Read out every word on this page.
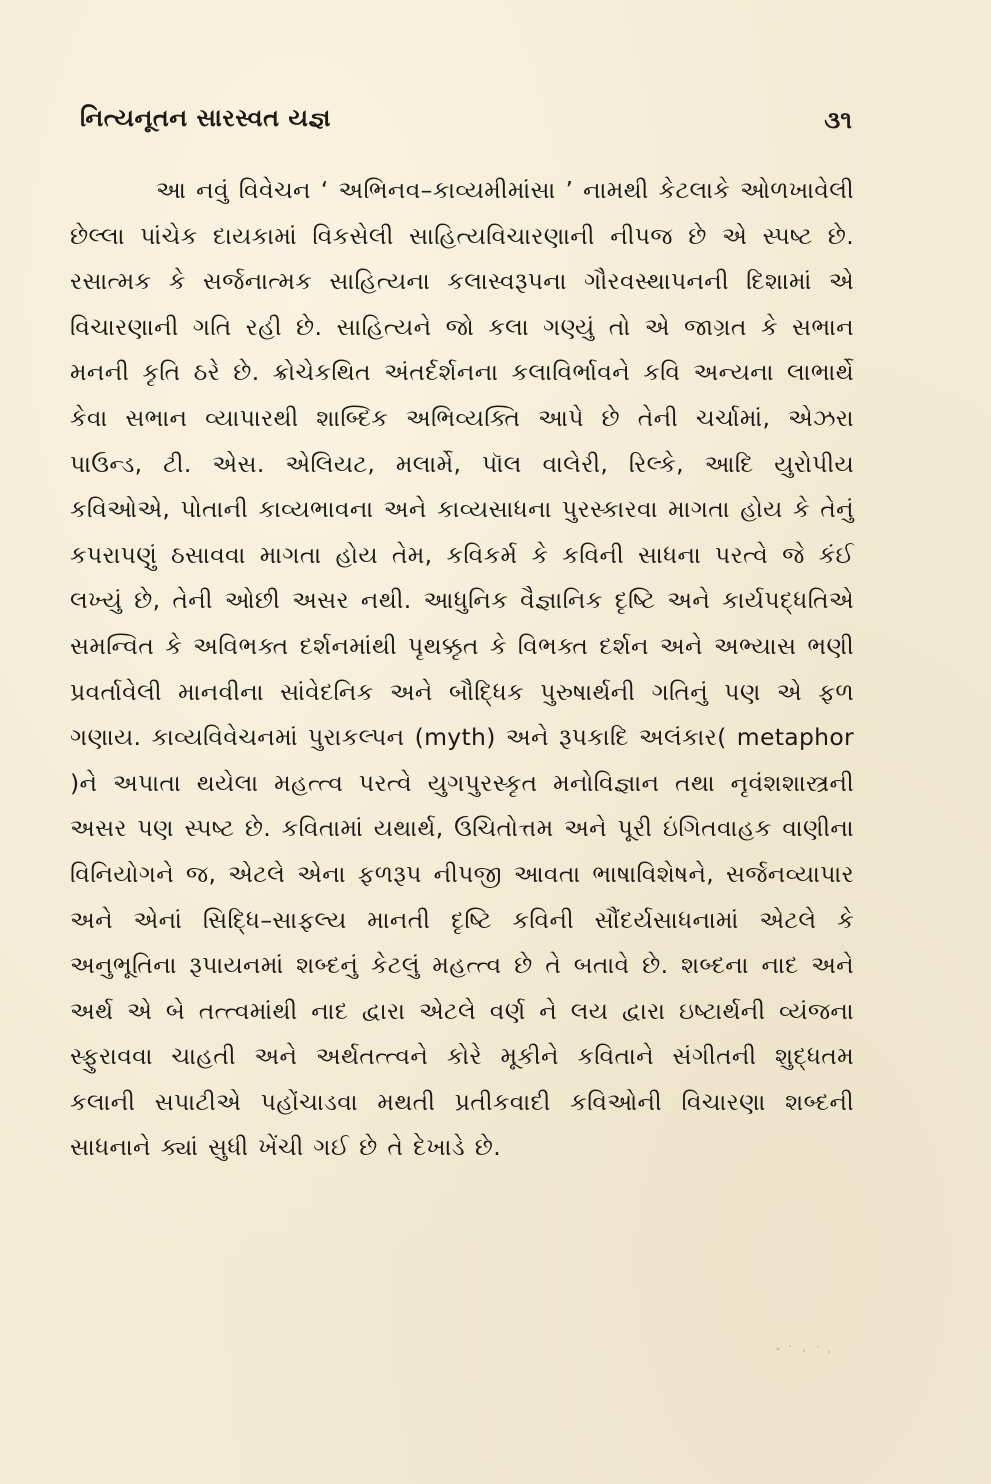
નિત્યનૂતન સારસ્વત યજ્ઞ	૩૧

આ નવું વિવેચન ‘ અભિનવ–કાવ્યમીમાંસા ’ નામથી કેટલાકે ઓળખાવેલી છેલ્લા પાંચેક દાયકામાં વિકસેલી સાહિત્યવિચારણાની નીપજ છે એ સ્પષ્ટ છે. રસાત્મક કે સર્જનાત્મક સાહિત્યના કલાસ્વરૂપના ગૌરવસ્થાપનની દિશામાં એ વિચારણાની ગતિ રહી છે. સાહિત્યને જો કલા ગણ્યું તો એ જાગ્રત કે સભાન મનની કૃતિ ઠરે છે. ક્રોચેકથિત અંતર્દર્શનના કલાવિર્ભાવને કવિ અન્યના લાભાર્થે કેવા સભાન વ્યાપારથી શાબ્દિક અભિવ્યક્તિ આપે છે તેની ચર્ચામાં, એઝરા પાઉન્ડ, ટી. એસ. એલિયટ, મલાર્મે, પૉલ વાલેરી, રિલ્કે, આદિ યુરોપીય કવિઓએ, પોતાની કાવ્યભાવના અને કાવ્યસાધના પુરસ્કારવા માગતા હોય કે તેનું કપરાપણું ઠસાવવા માગતા હોય તેમ, કવિકર્મ કે કવિની સાધના પરત્વે જે કંઈ લખ્યું છે, તેની ઓછી અસર નથી. આધુનિક વૈજ્ઞાનિક દૃષ્ટિ અને કાર્યપદ્ધતિએ સમન્વિત કે અવિભક્ત દર્શનમાંથી પૃથક્કૃત કે વિભક્ત દર્શન અને અભ્યાસ ભણી પ્રવર્તાવેલી માનવીના સાંવેદનિક અને બૌદ્ધિક પુરુષાર્થની ગતિનું પણ એ ફળ ગણાય. કાવ્યવિવેચનમાં પુરાકલ્પન (myth) અને રૂપકાદિ અલંકાર( metaphor )ને અપાતા થયેલા મહત્ત્વ પરત્વે યુગપુરસ્કૃત મનોવિજ્ઞાન તથા નૃવંશશાસ્ત્રની અસર પણ સ્પષ્ટ છે. કવિતામાં યથાર્થ, ઉચિતોત્તમ અને પૂરી ઇંગિતવાહક વાણીના વિનિયોગને જ, એટલે એના ફળરૂપ નીપજી આવતા ભાષાવિશેષને, સર્જનવ્યાપાર અને એનાં સિદ્ધિ–સાફલ્ય માનતી દૃષ્ટિ કવિની સૌંદર્યસાધનામાં એટલે કે અનુભૂતિના રૂપાયનમાં શબ્દનું કેટલું મહત્ત્વ છે તે બતાવે છે. શબ્દના નાદ અને અર્થ એ બે તત્ત્વમાંથી નાદ દ્વારા એટલે વર્ણ ને લય દ્વારા ઇષ્ટાર્થની વ્યંજના સ્ફુરાવવા ચાહતી અને અર્થતત્ત્વને કોરે મૂકીને કવિતાને સંગીતની શુદ્ધતમ કલાની સપાટીએ પહોંચાડવા મથતી પ્રતીકવાદી કવિઓની વિચારણા શબ્દની સાધનાને ક્યાં સુધી ખેંચી ગઈ છે તે દેખાડે છે.
